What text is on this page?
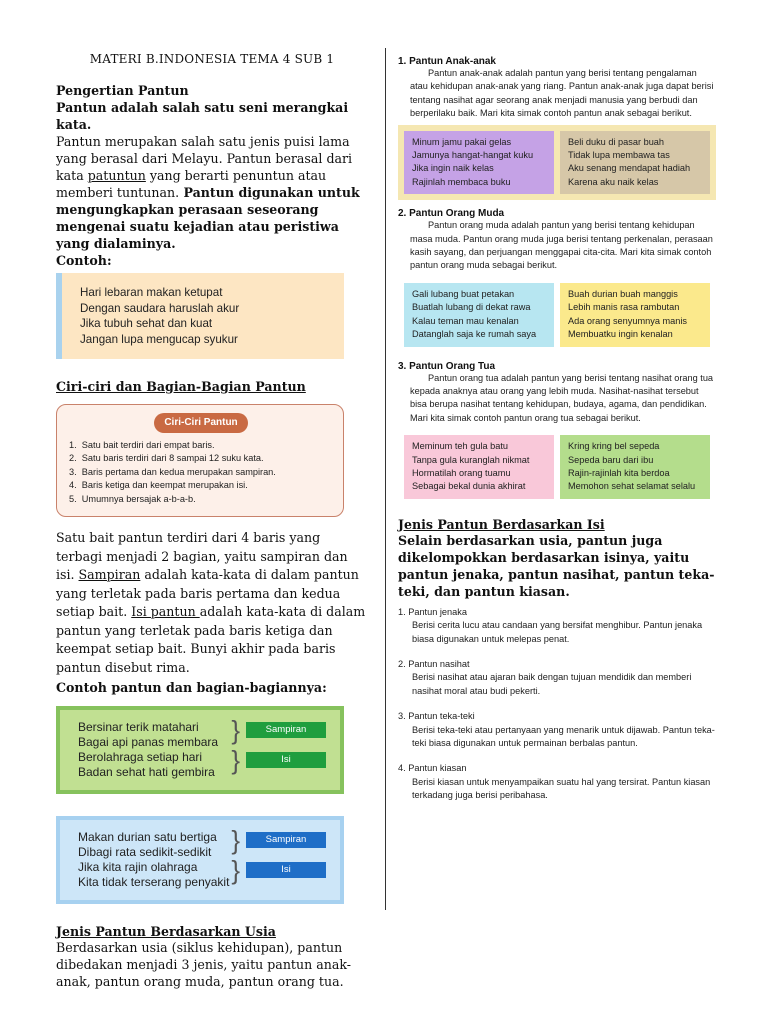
MATERI B.INDONESIA TEMA 4 SUB 1

Pengertian Pantun

Pantun adalah salah satu seni merangkai kata.

Pantun merupakan salah satu jenis puisi lama yang berasal dari Melayu. Pantun berasal dari kata patuntun yang berarti penuntun atau memberi tuntunan. Pantun digunakan untuk mengungkapkan perasaan seseorang mengenai suatu kejadian atau peristiwa yang dialaminya.

Contoh:

Hari lebaran makan ketupat
Dengan saudara haruslah akur
Jika tubuh sehat dan kuat
Jangan lupa mengucap syukur

Ciri-ciri dan Bagian-Bagian Pantun

Ciri-Ciri Pantun
1.  Satu bait terdiri dari empat baris.
2.  Satu baris terdiri dari 8 sampai 12 suku kata.
3.  Baris pertama dan kedua merupakan sampiran.
4.  Baris ketiga dan keempat merupakan isi.
5.  Umumnya bersajak a-b-a-b.

Satu bait pantun terdiri dari 4 baris yang terbagi menjadi 2 bagian, yaitu sampiran dan isi. Sampiran adalah kata-kata di dalam pantun yang terletak pada baris pertama dan kedua setiap bait. Isi pantun adalah kata-kata di dalam pantun yang terletak pada baris ketiga dan keempat setiap bait. Bunyi akhir pada baris pantun disebut rima.

Contoh pantun dan bagian-bagiannya:

Bersinar terik matahari
Bagai api panas membara
Berolahraga setiap hari
Badan sehat hati gembira
}
}
Sampiran
Isi
Makan durian satu bertiga
Dibagi rata sedikit-sedikit
Jika kita rajin olahraga
Kita tidak terserang penyakit
}
}
Sampiran
Isi

Jenis Pantun Berdasarkan Usia

Berdasarkan usia (siklus kehidupan), pantun dibedakan menjadi 3 jenis, yaitu pantun anak-anak, pantun orang muda, pantun orang tua.

1. Pantun Anak-anak

Pantun anak-anak adalah pantun yang berisi tentang pengalaman atau kehidupan anak-anak yang riang. Pantun anak-anak juga dapat berisi tentang nasihat agar seorang anak menjadi manusia yang berbudi dan berperilaku baik. Mari kita simak contoh pantun anak sebagai berikut.

Minum jamu pakai gelas
Jamunya hangat-hangat kuku
Jika ingin naik kelas
Rajinlah membaca buku
Beli duku di pasar buah
Tidak lupa membawa tas
Aku senang mendapat hadiah
Karena aku naik kelas

2. Pantun Orang Muda

Pantun orang muda adalah pantun yang berisi tentang kehidupan masa muda. Pantun orang muda juga berisi tentang perkenalan, perasaan kasih sayang, dan perjuangan menggapai cita-cita. Mari kita simak contoh pantun orang muda sebagai berikut.

Gali lubang buat petakan
Buatlah lubang di dekat rawa
Kalau teman mau kenalan
Datanglah saja ke rumah saya
Buah durian buah manggis
Lebih manis rasa rambutan
Ada orang senyumnya manis
Membuatku ingin kenalan

3. Pantun Orang Tua

Pantun orang tua adalah pantun yang berisi tentang nasihat orang tua kepada anaknya atau orang yang lebih muda. Nasihat-nasihat tersebut bisa berupa nasihat tentang kehidupan, budaya, agama, dan pendidikan. Mari kita simak contoh pantun orang tua sebagai berikut.

Meminum teh gula batu
Tanpa gula kuranglah nikmat
Hormatilah orang tuamu
Sebagai bekal dunia akhirat
Kring kring bel sepeda
Sepeda baru dari ibu
Rajin-rajinlah kita berdoa
Memohon sehat selamat selalu

Jenis Pantun Berdasarkan Isi

Selain berdasarkan usia, pantun juga dikelompokkan berdasarkan isinya, yaitu pantun jenaka, pantun nasihat, pantun teka-teki, dan pantun kiasan.

1. Pantun jenaka
Berisi cerita lucu atau candaan yang bersifat menghibur. Pantun jenaka biasa digunakan untuk melepas penat.
2. Pantun nasihat
Berisi nasihat atau ajaran baik dengan tujuan mendidik dan memberi nasihat moral atau budi pekerti.
3. Pantun teka-teki
Berisi teka-teki atau pertanyaan yang menarik untuk dijawab. Pantun teka-teki biasa digunakan untuk permainan berbalas pantun.
4. Pantun kiasan
Berisi kiasan untuk menyampaikan suatu hal yang tersirat. Pantun kiasan terkadang juga berisi peribahasa.
